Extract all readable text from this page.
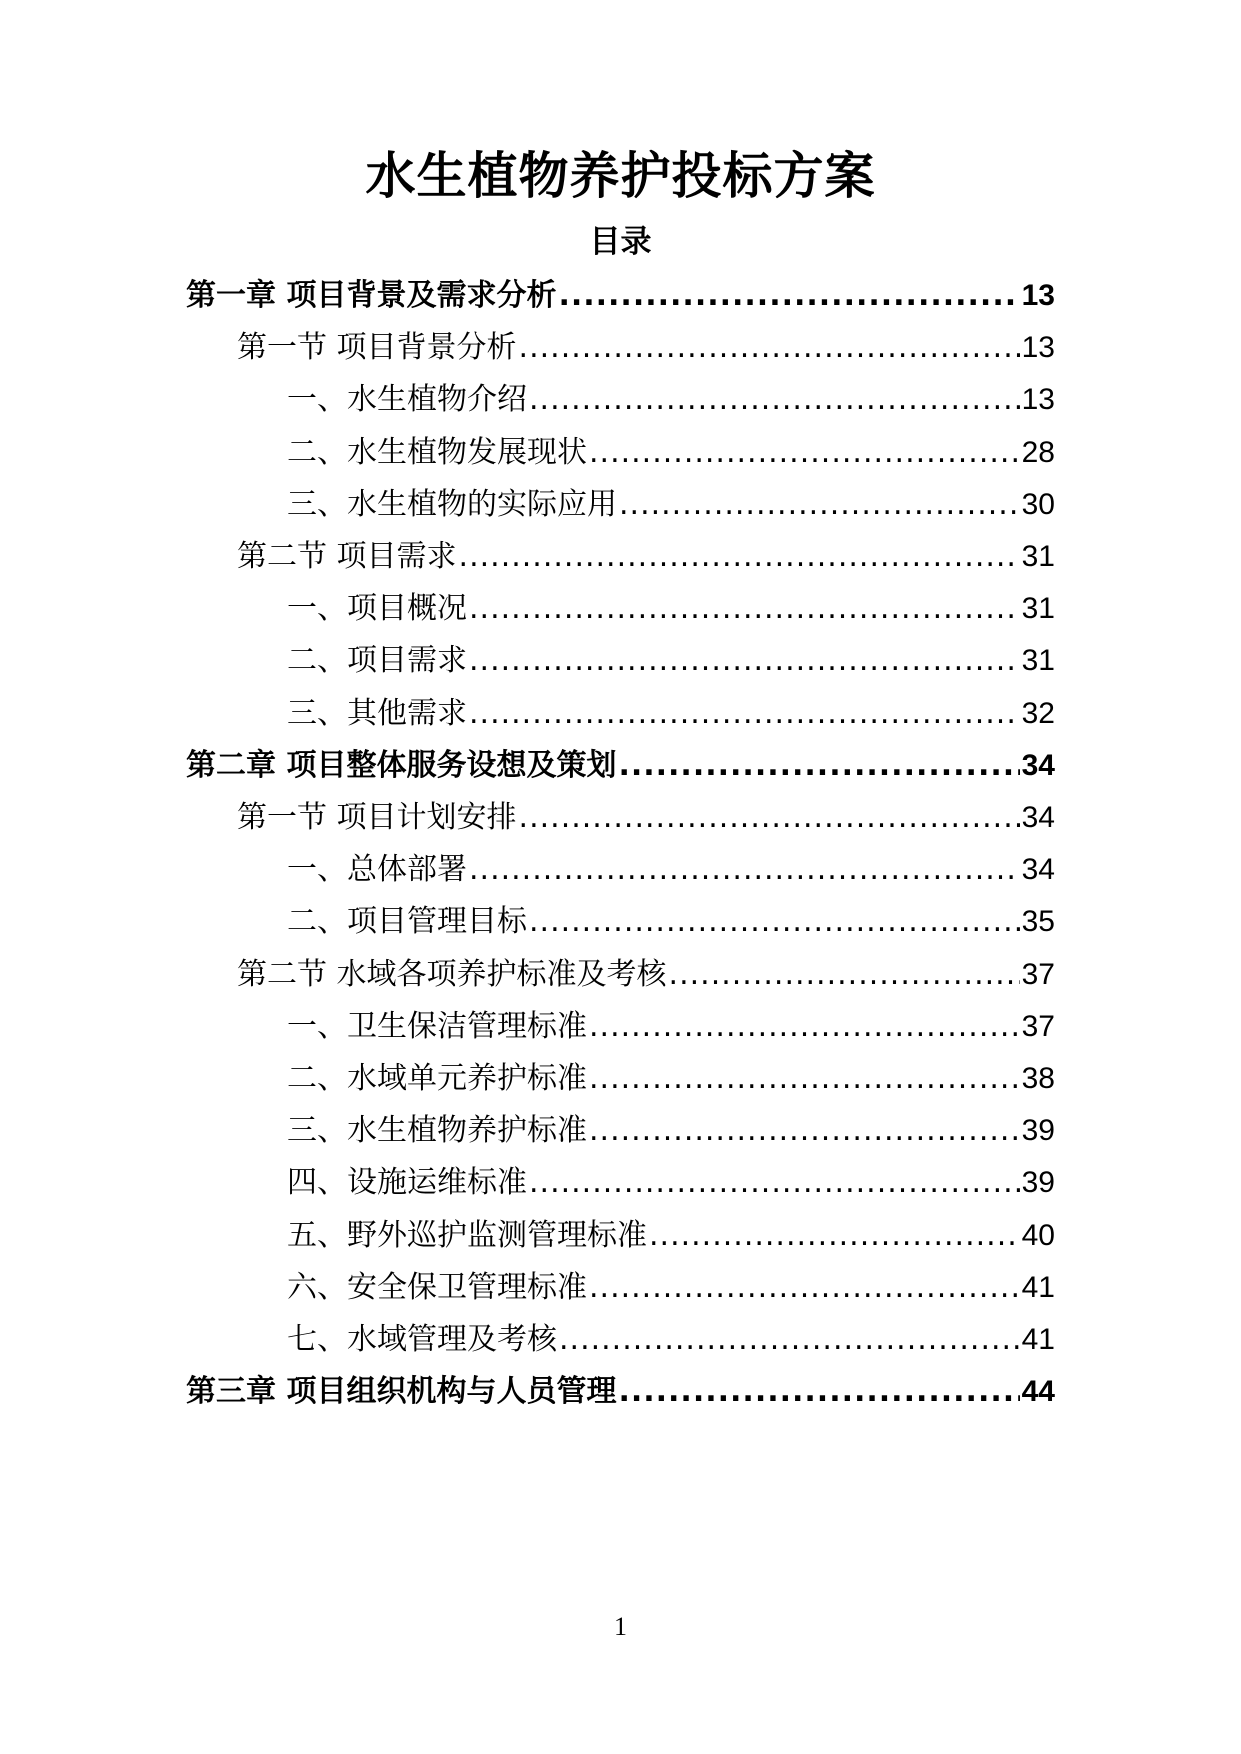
水生植物养护投标方案
目录
第一章 项目背景及需求分析 .....	13
第一节 项目背景分析 .....	13
一、水生植物介绍 .....	13
二、水生植物发展现状 .....	28
三、水生植物的实际应用 .....	30
第二节 项目需求 .....	31
一、项目概况 .....	31
二、项目需求 .....	31
三、其他需求 .....	32
第二章 项目整体服务设想及策划 .....	34
第一节 项目计划安排 .....	34
一、总体部署 .....	34
二、项目管理目标 .....	35
第二节 水域各项养护标准及考核 .....	37
一、卫生保洁管理标准 .....	37
二、水域单元养护标准 .....	38
三、水生植物养护标准 .....	39
四、设施运维标准 .....	39
五、野外巡护监测管理标准 .....	40
六、安全保卫管理标准 .....	41
七、水域管理及考核 .....	41
第三章 项目组织机构与人员管理 .....	44
1
